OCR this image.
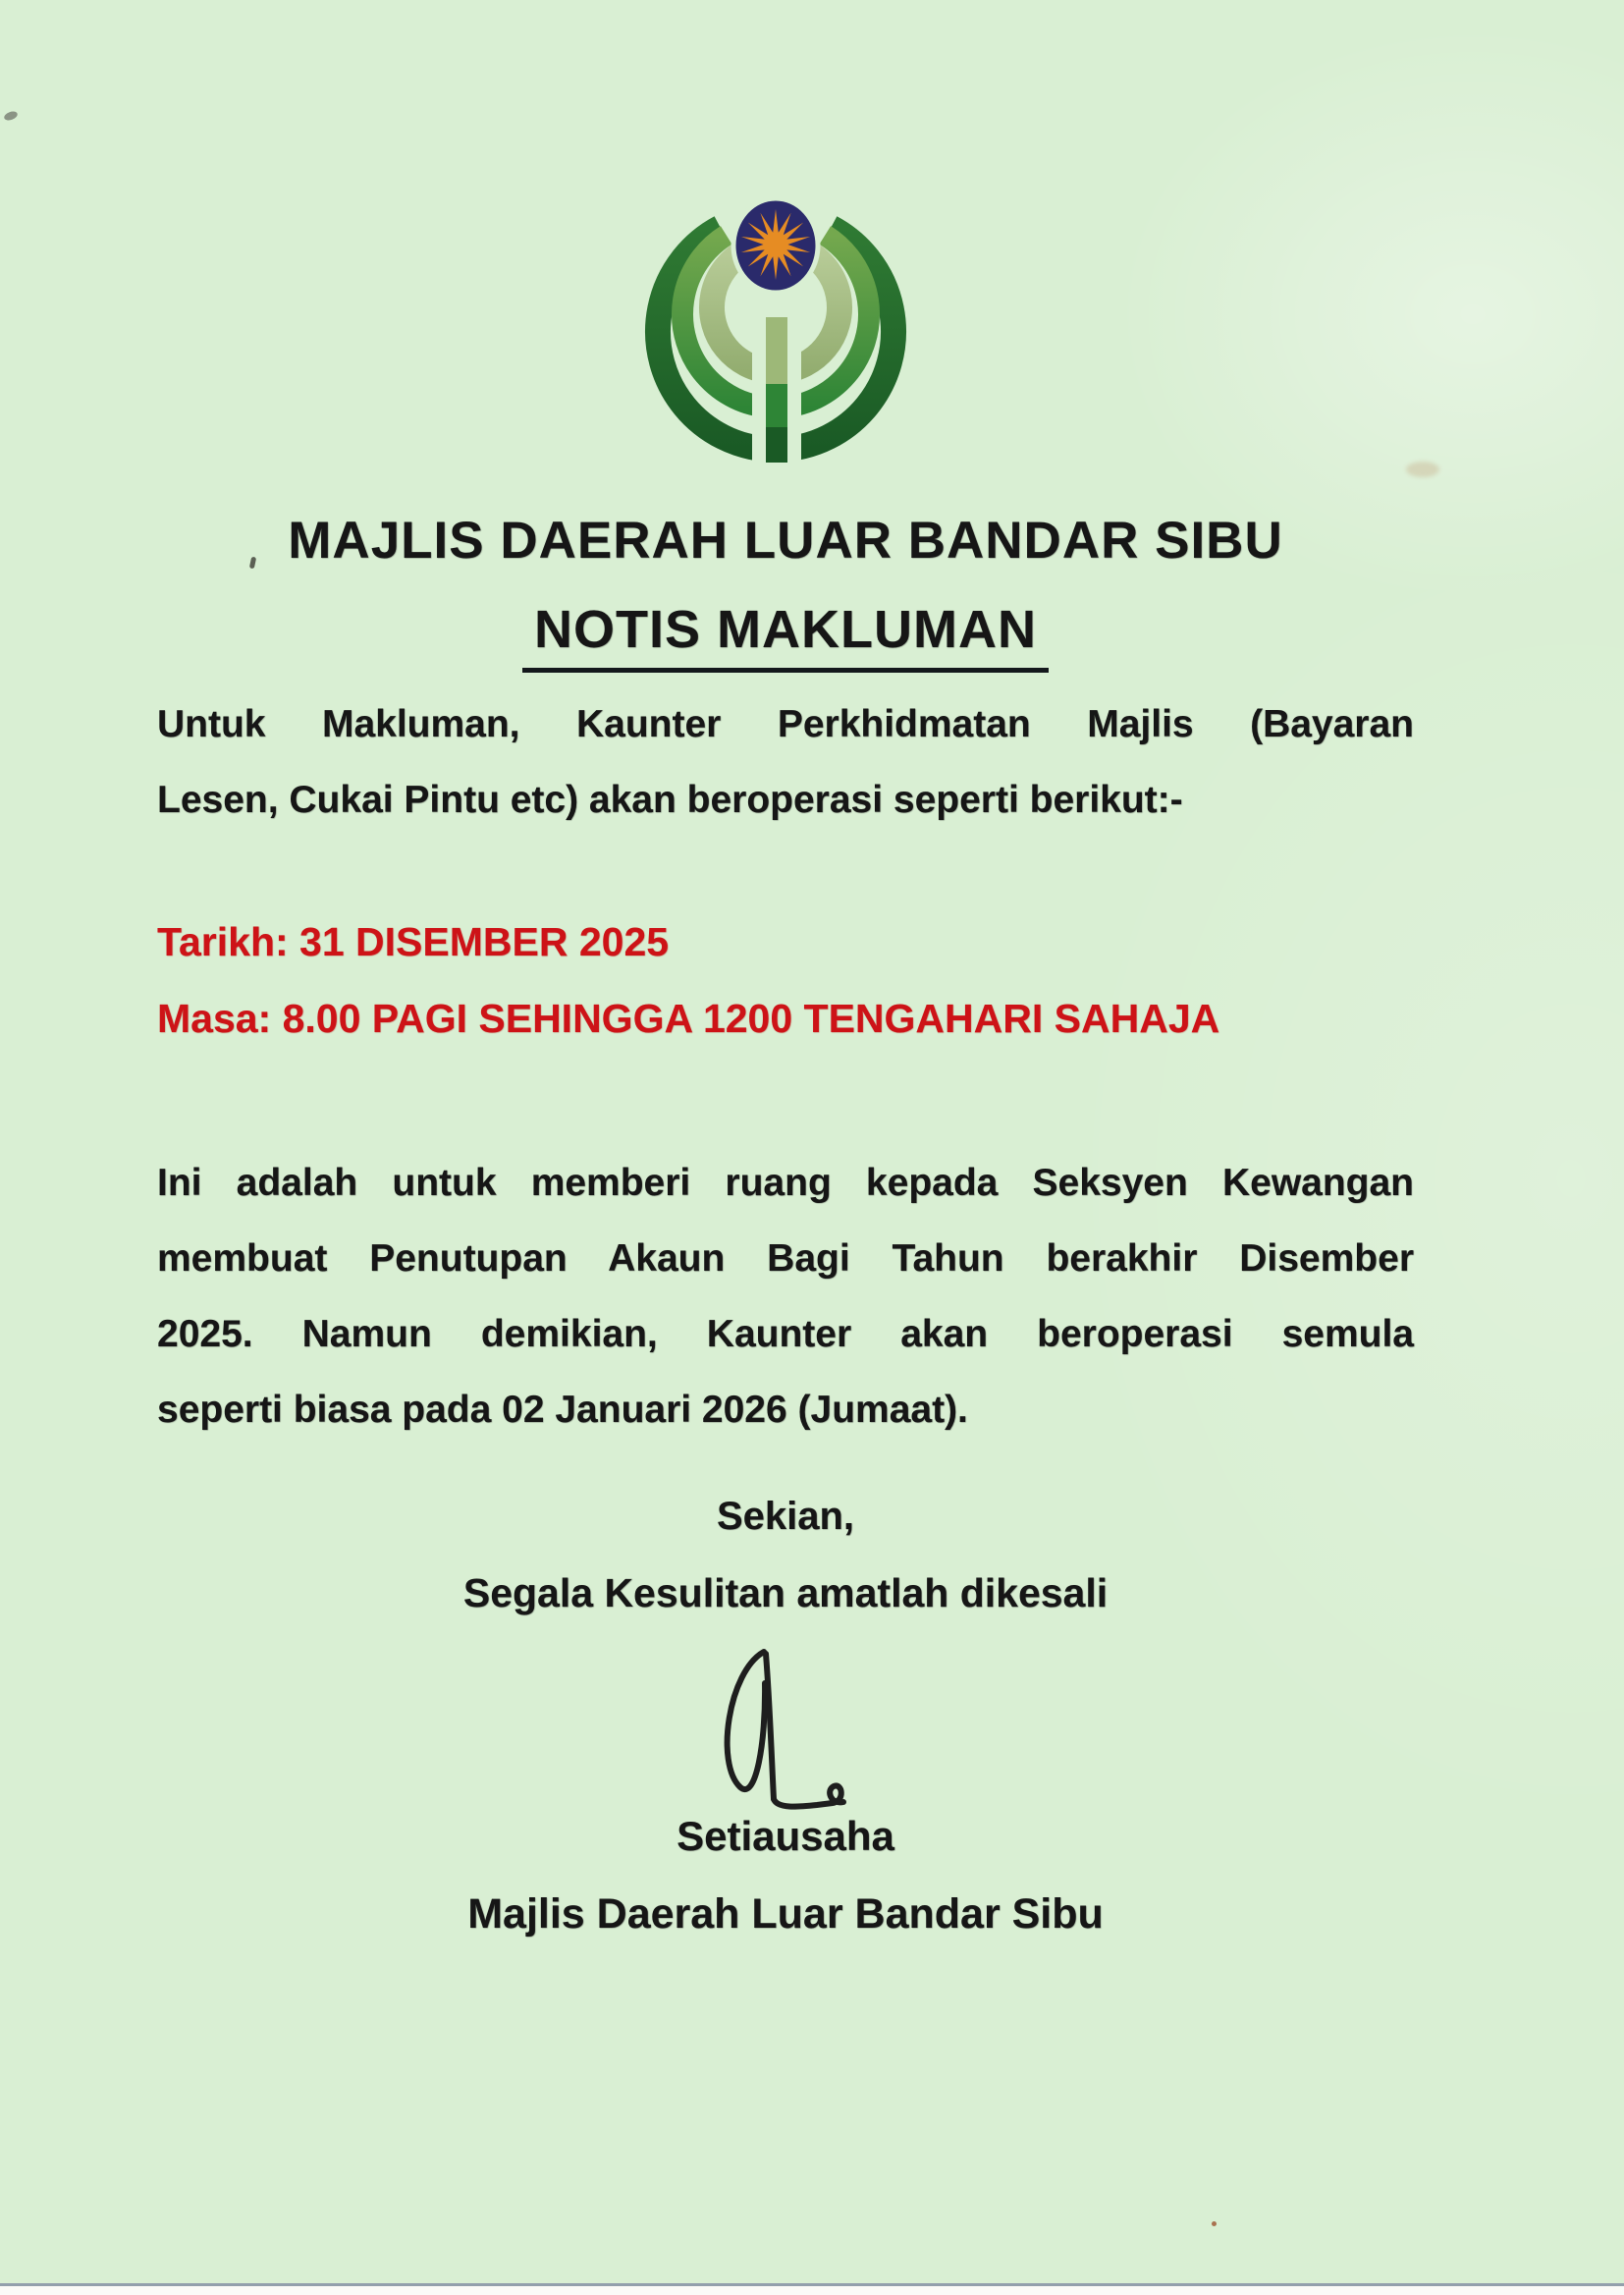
MAJLIS DAERAH LUAR BANDAR SIBU
NOTIS MAKLUMAN
Untuk Makluman, Kaunter Perkhidmatan Majlis (Bayaran
Lesen, Cukai Pintu etc) akan beroperasi seperti berikut:-
Tarikh: 31 DISEMBER 2025
Masa: 8.00 PAGI SEHINGGA 1200 TENGAHARI SAHAJA
Ini adalah untuk memberi ruang kepada Seksyen Kewangan
membuat Penutupan Akaun Bagi Tahun berakhir Disember
2025. Namun demikian, Kaunter akan beroperasi semula
seperti biasa pada 02 Januari 2026 (Jumaat).
Sekian,
Segala Kesulitan amatlah dikesali
Setiausaha
Majlis Daerah Luar Bandar Sibu
